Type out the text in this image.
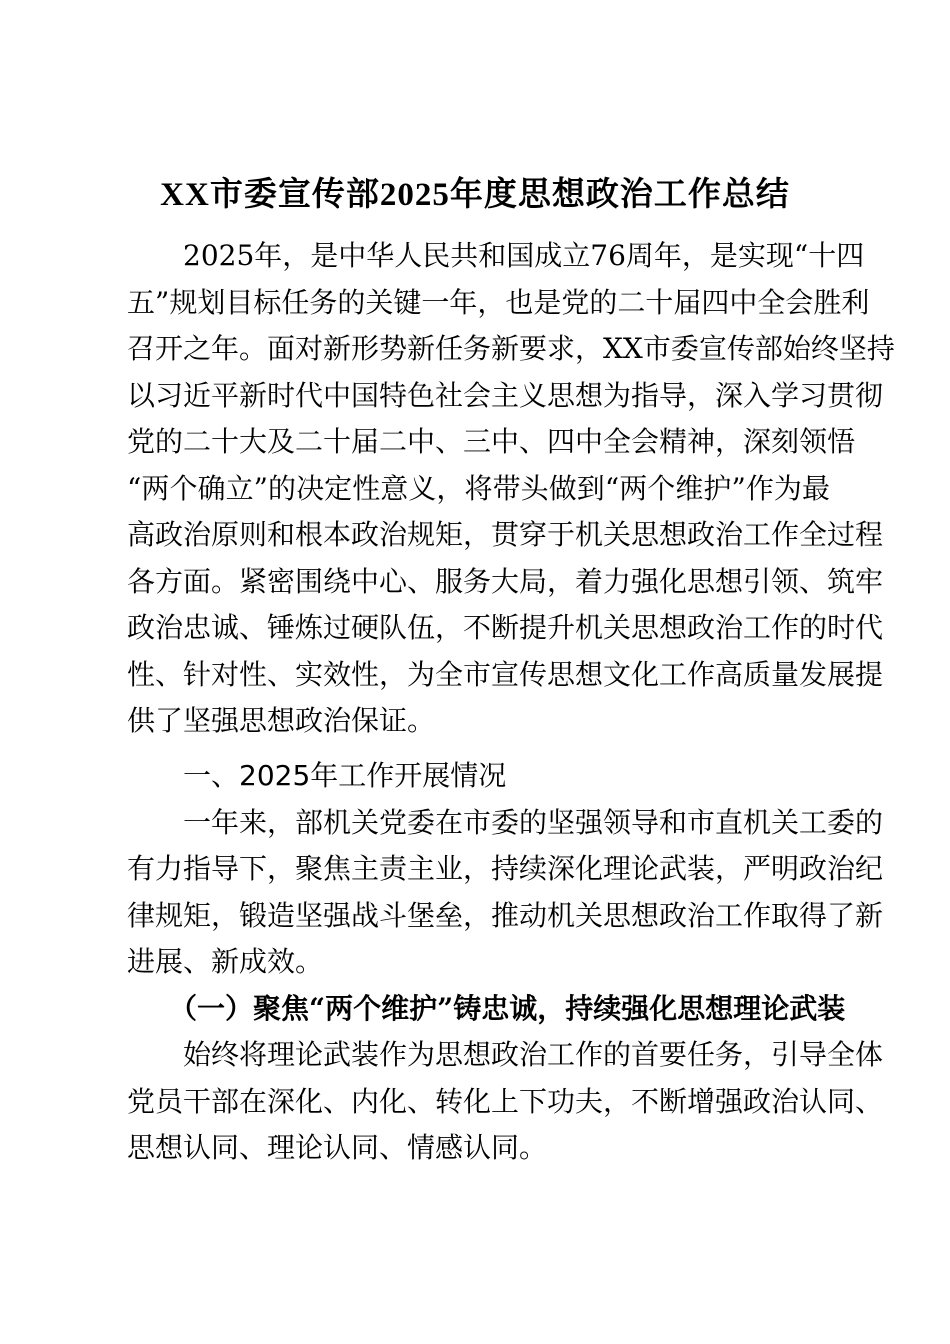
XX市委宣传部2025年度思想政治工作总结
2025年，是中华人民共和国成立76周年，是实现“十四
五”规划目标任务的关键一年，也是党的二十届四中全会胜利
召开之年。面对新形势新任务新要求，XX市委宣传部始终坚持
以习近平新时代中国特色社会主义思想为指导，深入学习贯彻
党的二十大及二十届二中、三中、四中全会精神，深刻领悟
“两个确立”的决定性意义，将带头做到“两个维护”作为最
高政治原则和根本政治规矩，贯穿于机关思想政治工作全过程
各方面。紧密围绕中心、服务大局，着力强化思想引领、筑牢
政治忠诚、锤炼过硬队伍，不断提升机关思想政治工作的时代
性、针对性、实效性，为全市宣传思想文化工作高质量发展提
供了坚强思想政治保证。
一、2025年工作开展情况
一年来，部机关党委在市委的坚强领导和市直机关工委的
有力指导下，聚焦主责主业，持续深化理论武装，严明政治纪
律规矩，锻造坚强战斗堡垒，推动机关思想政治工作取得了新
进展、新成效。
（一）聚焦“两个维护”铸忠诚，持续强化思想理论武装
始终将理论武装作为思想政治工作的首要任务，引导全体
党员干部在深化、内化、转化上下功夫，不断增强政治认同、
思想认同、理论认同、情感认同。
